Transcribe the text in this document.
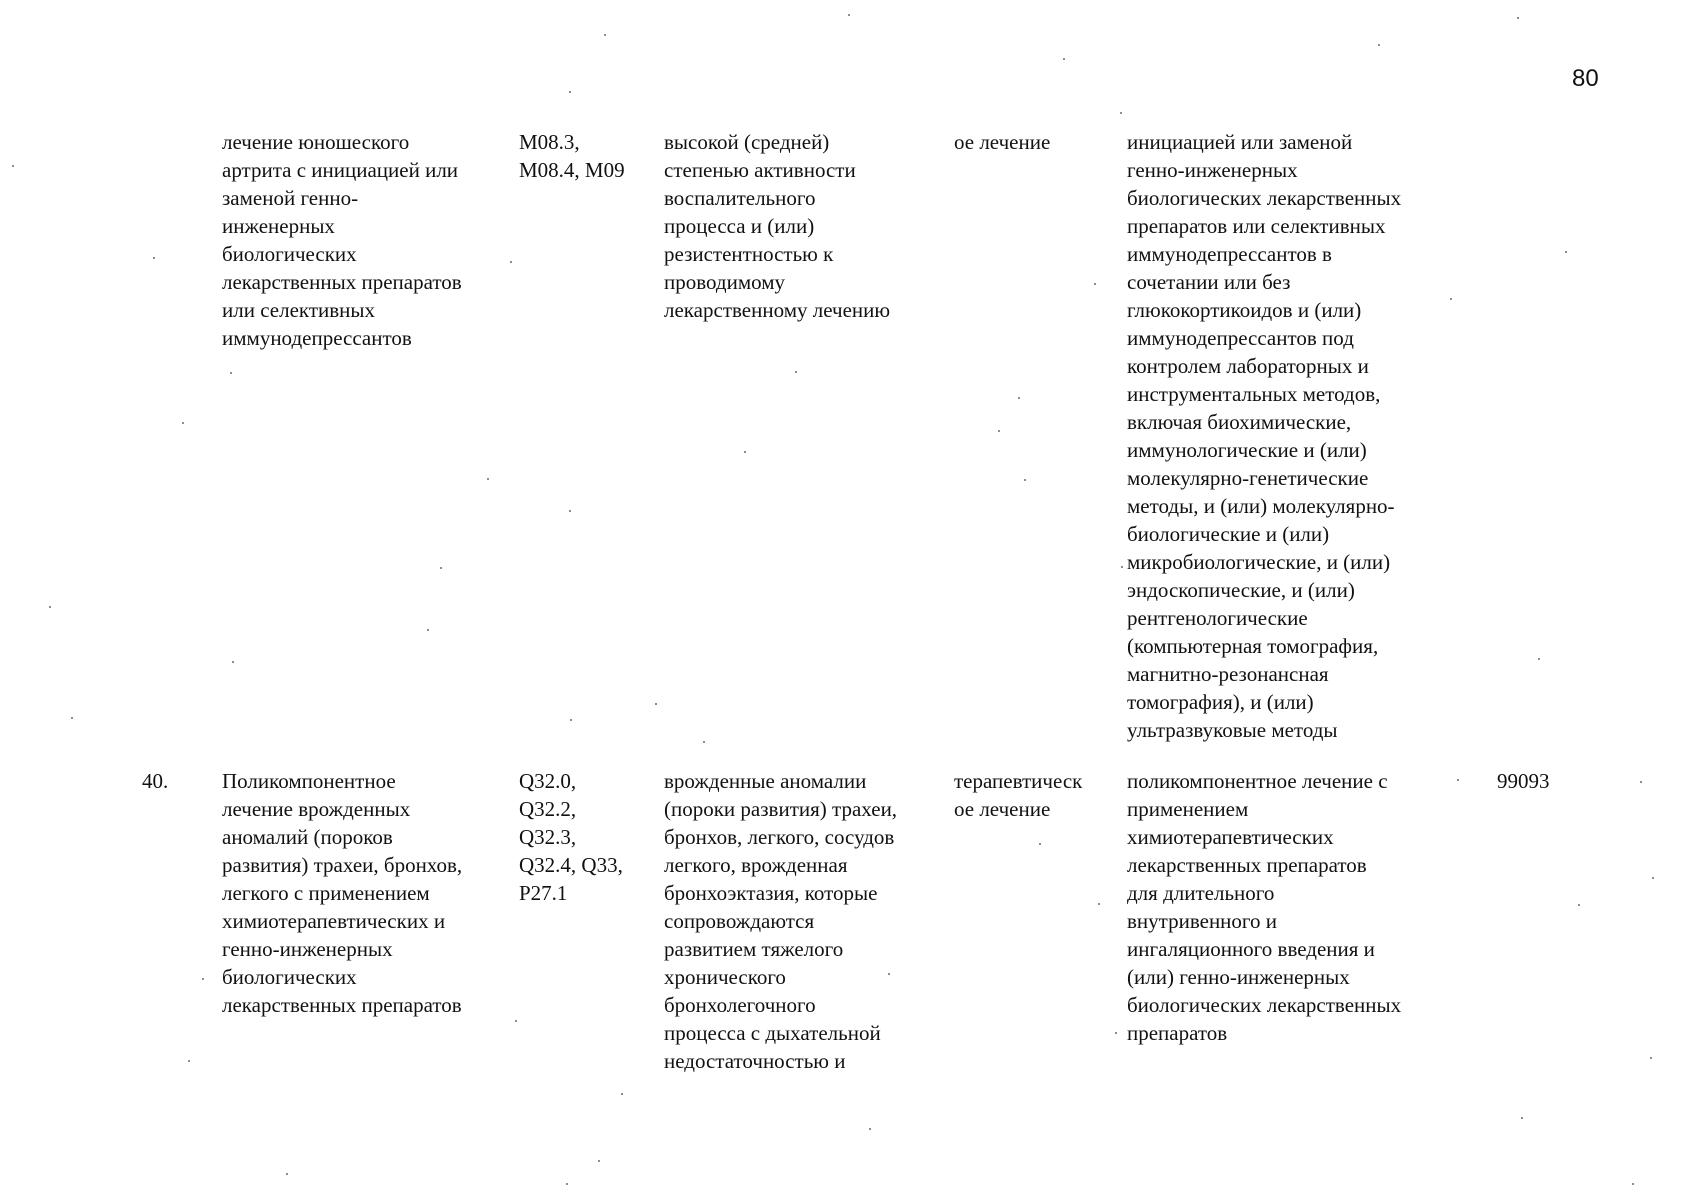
80
лечение юношеского
артрита с инициацией или
заменой генно-
инженерных
биологических
лекарственных препаратов
или селективных
иммунодепрессантов
М08.3,
М08.4, М09
высокой (средней)
степенью активности
воспалительного
процесса и (или)
резистентностью к
проводимому
лекарственному лечению
ое лечение	инициацией или заменой
генно-инженерных
биологических лекарственных
препаратов или селективных
иммунодепрессантов в
сочетании или без
глюкокортикоидов и (или)
иммунодепрессантов под
контролем лабораторных и
инструментальных методов,
включая биохимические,
иммунологические и (или)
молекулярно-генетические
методы, и (или) молекулярно-
биологические и (или)
микробиологические, и (или)
эндоскопические, и (или)
рентгенологические
(компьютерная томография,
магнитно-резонансная
томография), и (или)
ультразвуковые методы
40.	Поликомпонентное
лечение врожденных
аномалий (пороков
развития) трахеи, бронхов,
легкого с применением
химиотерапевтических и
генно-инженерных
биологических
лекарственных препаратов
Q32.0,
Q32.2,
Q32.3,
Q32.4, Q33,
P27.1
врожденные аномалии
(пороки развития) трахеи,
бронхов, легкого, сосудов
легкого, врожденная
бронхоэктазия, которые
сопровождаются
развитием тяжелого
хронического
бронхолегочного
процесса с дыхательной
недостаточностью и
терапевтическ
ое лечение
поликомпонентное лечение с
применением
химиотерапевтических
лекарственных препаратов
для длительного
внутривенного и
ингаляционного введения и
(или) генно-инженерных
биологических лекарственных
препаратов
99093
